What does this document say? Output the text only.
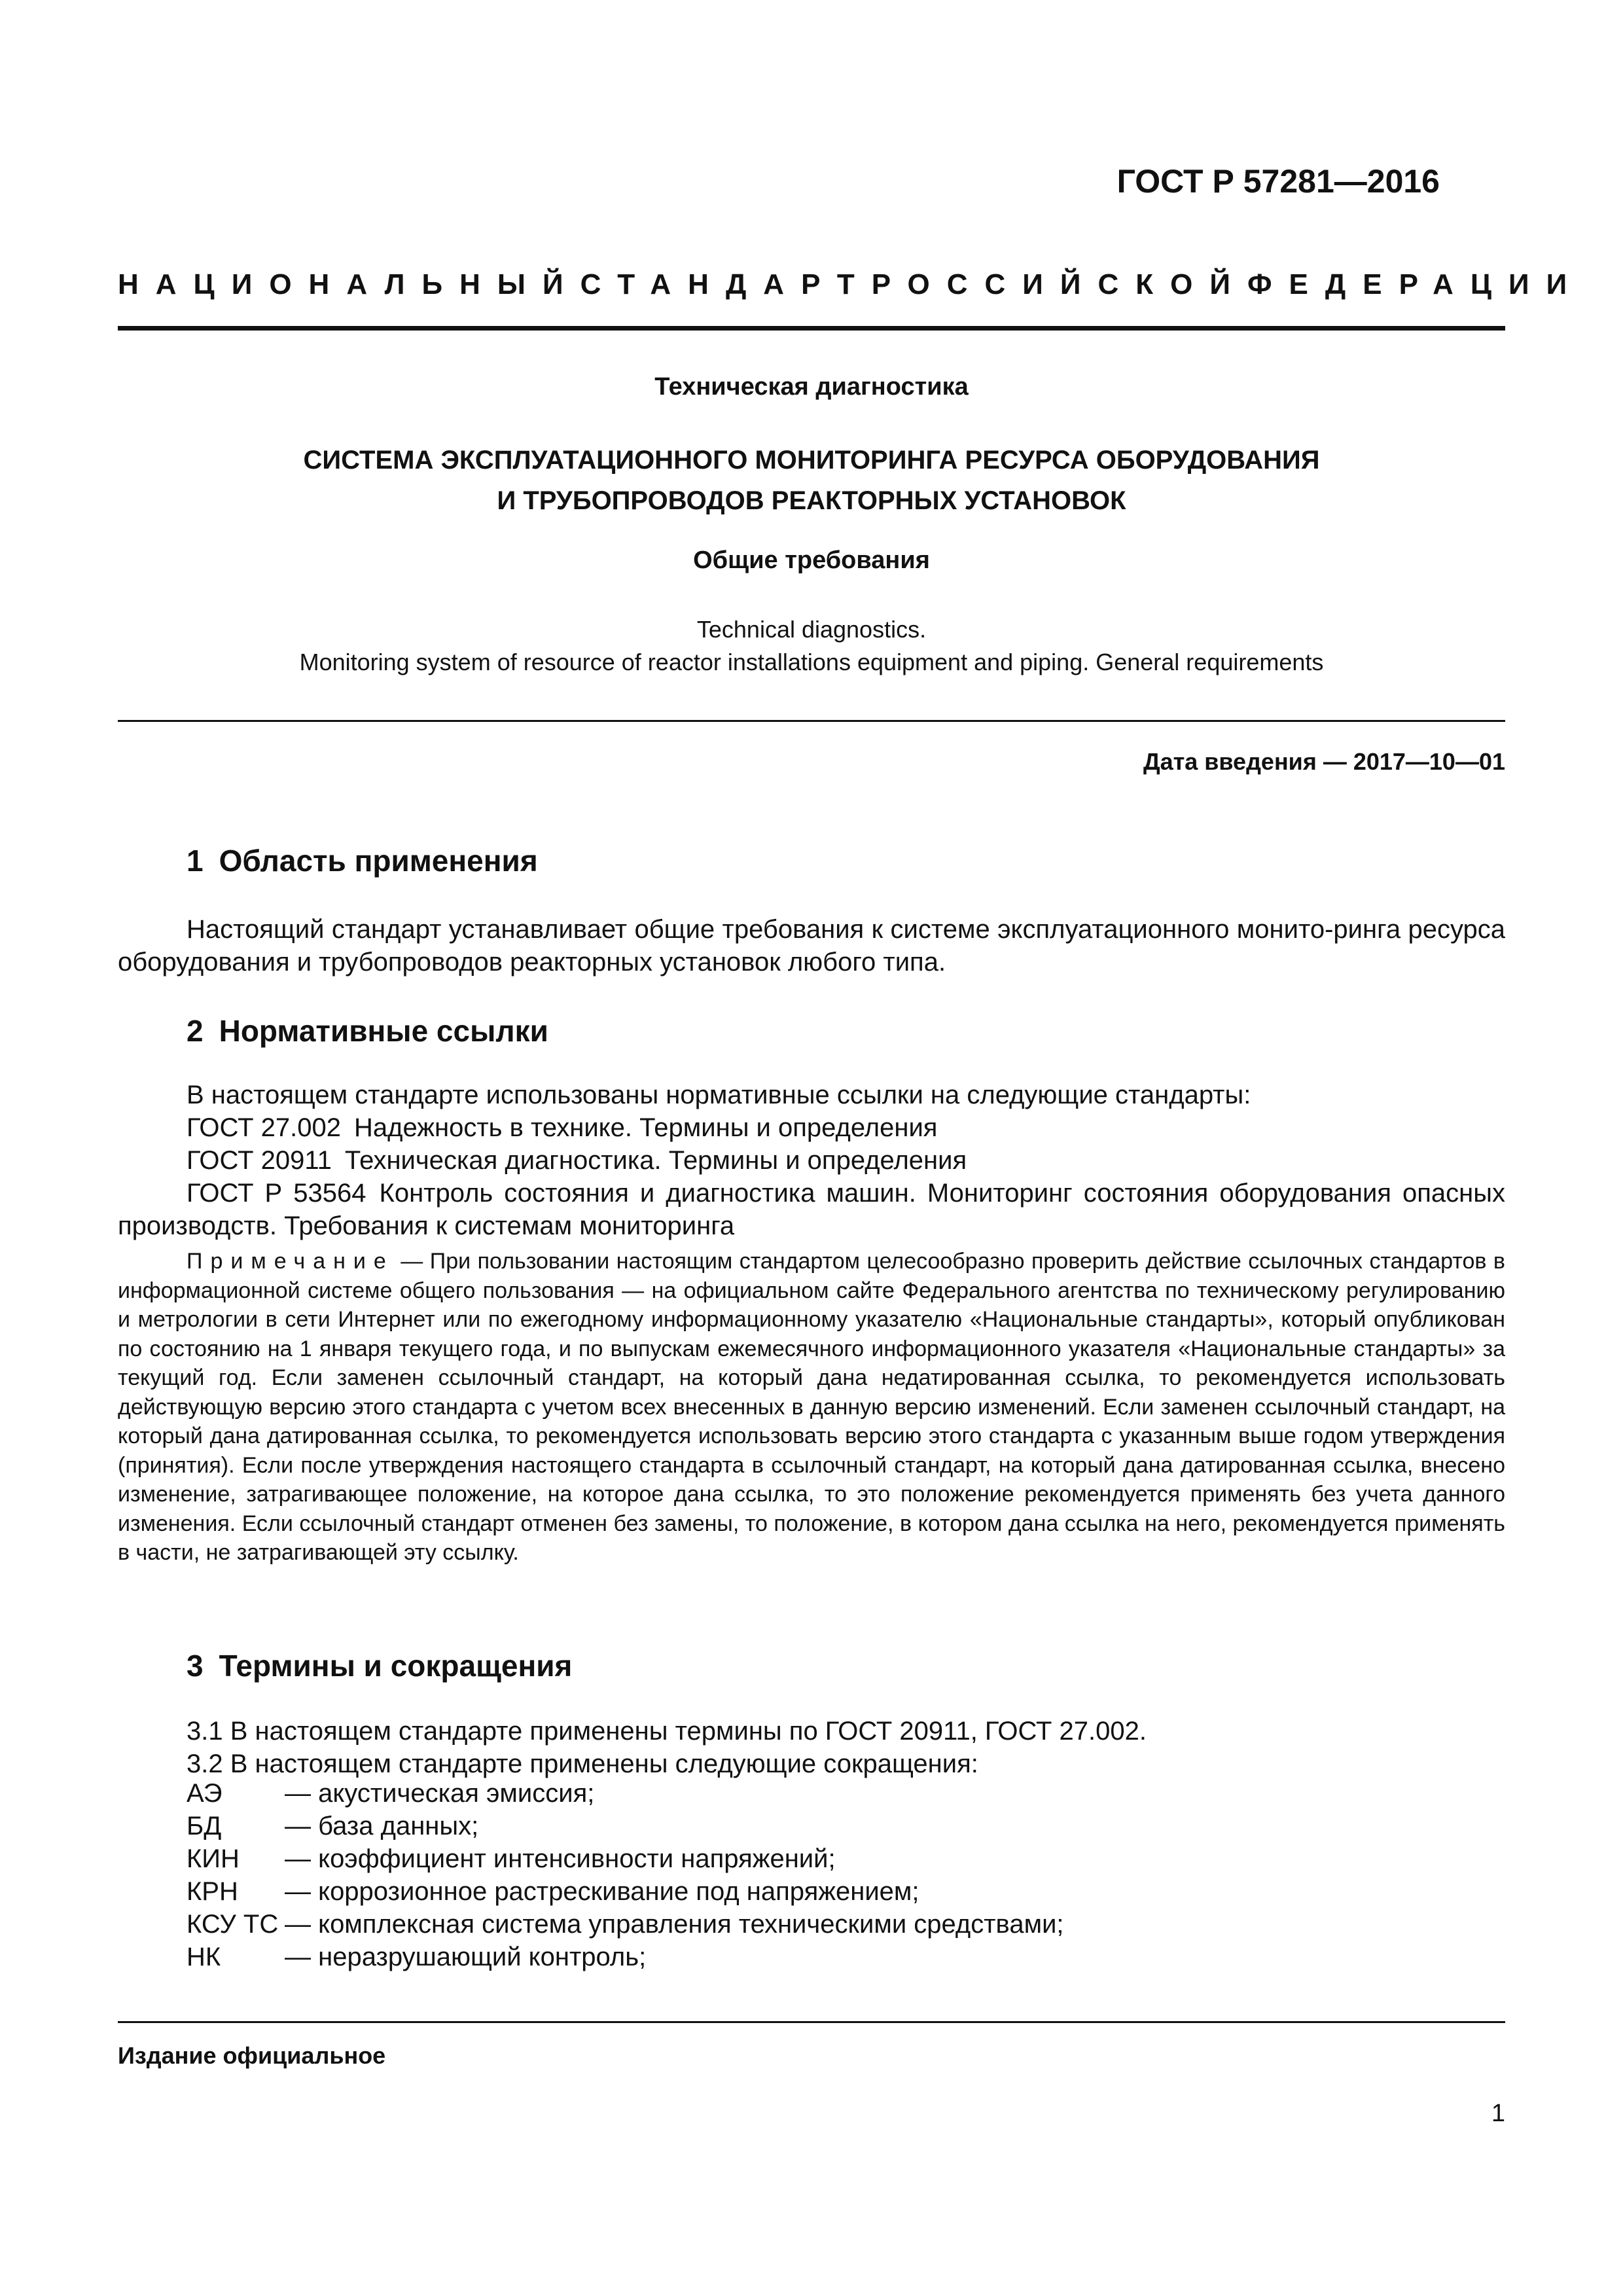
ГОСТ Р 57281—2016
НАЦИОНАЛЬНЫЙ СТАНДАРТ РОССИЙСКОЙ ФЕДЕРАЦИИ
Техническая диагностика
СИСТЕМА ЭКСПЛУАТАЦИОННОГО МОНИТОРИНГА РЕСУРСА ОБОРУДОВАНИЯ
И ТРУБОПРОВОДОВ РЕАКТОРНЫХ УСТАНОВОК
Общие требования
Technical diagnostics.
Monitoring system of resource of reactor installations equipment and piping. General requirements
Дата введения — 2017—10—01
1 Область применения
Настоящий стандарт устанавливает общие требования к системе эксплуатационного монито-ринга ресурса оборудования и трубопроводов реакторных установок любого типа.
2 Нормативные ссылки
В настоящем стандарте использованы нормативные ссылки на следующие стандарты:
ГОСТ 27.002 Надежность в технике. Термины и определения
ГОСТ 20911 Техническая диагностика. Термины и определения
ГОСТ Р 53564 Контроль состояния и диагностика машин. Мониторинг состояния оборудования опасных производств. Требования к системам мониторинга
Примечание — При пользовании настоящим стандартом целесообразно проверить действие ссылочных стандартов в информационной системе общего пользования — на официальном сайте Федерального агентства по техническому регулированию и метрологии в сети Интернет или по ежегодному информационному указателю «Национальные стандарты», который опубликован по состоянию на 1 января текущего года, и по выпускам ежемесячного информационного указателя «Национальные стандарты» за текущий год. Если заменен ссылочный стандарт, на который дана недатированная ссылка, то рекомендуется использовать действующую версию этого стандарта с учетом всех внесенных в данную версию изменений. Если заменен ссылочный стандарт, на который дана датированная ссылка, то рекомендуется использовать версию этого стандарта с указанным выше годом утверждения (принятия). Если после утверждения настоящего стандарта в ссылочный стандарт, на который дана датированная ссылка, внесено изменение, затрагивающее положение, на которое дана ссылка, то это положение рекомендуется применять без учета данного изменения. Если ссылочный стандарт отменен без замены, то положение, в котором дана ссылка на него, рекомендуется применять в части, не затрагивающей эту ссылку.
3 Термины и сокращения
3.1 В настоящем стандарте применены термины по ГОСТ 20911, ГОСТ 27.002.
3.2 В настоящем стандарте применены следующие сокращения:
АЭ — акустическая эмиссия;
БД — база данных;
КИН — коэффициент интенсивности напряжений;
КРН — коррозионное растрескивание под напряжением;
КСУ ТС — комплексная система управления техническими средствами;
НК — неразрушающий контроль;
Издание официальное
1
